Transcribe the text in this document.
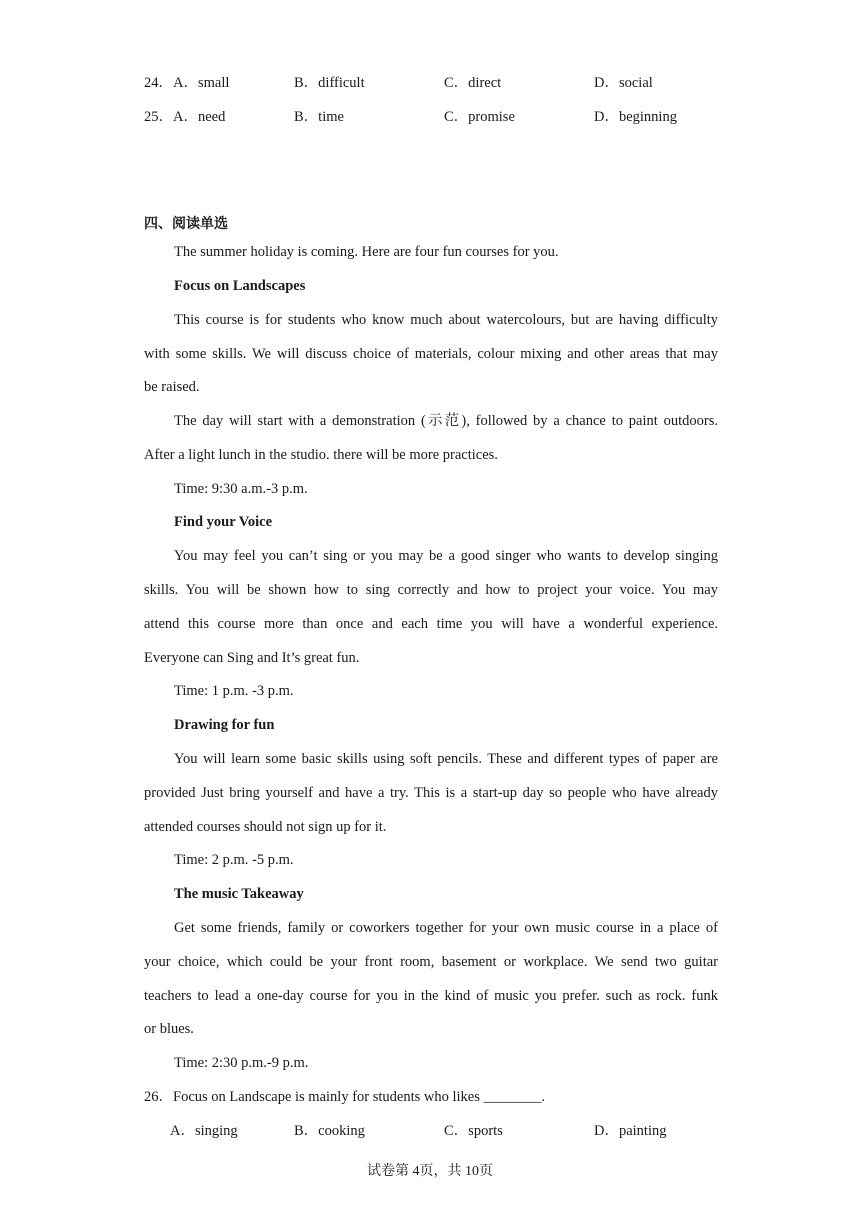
24．A．small	B．difficult	C．direct	D．social
25．A．need	B．time	C．promise	D．beginning
四、阅读单选
The summer holiday is coming. Here are four fun courses for you.
Focus on Landscapes
This course is for students who know much about watercolours, but are having difficulty
with some skills. We will discuss choice of materials, colour mixing and other areas that may
be raised.
The day will start with a demonstration (示范), followed by a chance to paint outdoors.
After a light lunch in the studio. there will be more practices.
Time: 9:30 a.m.-3 p.m.
Find your Voice
You may feel you can’t sing or you may be a good singer who wants to develop singing
skills. You will be shown how to sing correctly and how to project your voice. You may
attend this course more than once and each time you will have a wonderful experience.
Everyone can Sing and It’s great fun.
Time: 1 p.m. -3 p.m.
Drawing for fun
You will learn some basic skills using soft pencils. These and different types of paper are
provided Just bring yourself and have a try. This is a start-up day so people who have already
attended courses should not sign up for it.
Time: 2 p.m. -5 p.m.
The music Takeaway
Get some friends, family or coworkers together for your own music course in a place of
your choice, which could be your front room, basement or workplace. We send two guitar
teachers to lead a one-day course for you in the kind of music you prefer. such as rock. funk
or blues.
Time: 2:30 p.m.-9 p.m.
26．Focus on Landscape is mainly for students who likes ________.
A．singing	B．cooking	C．sports	D．painting
试卷第 4页，共 10页
